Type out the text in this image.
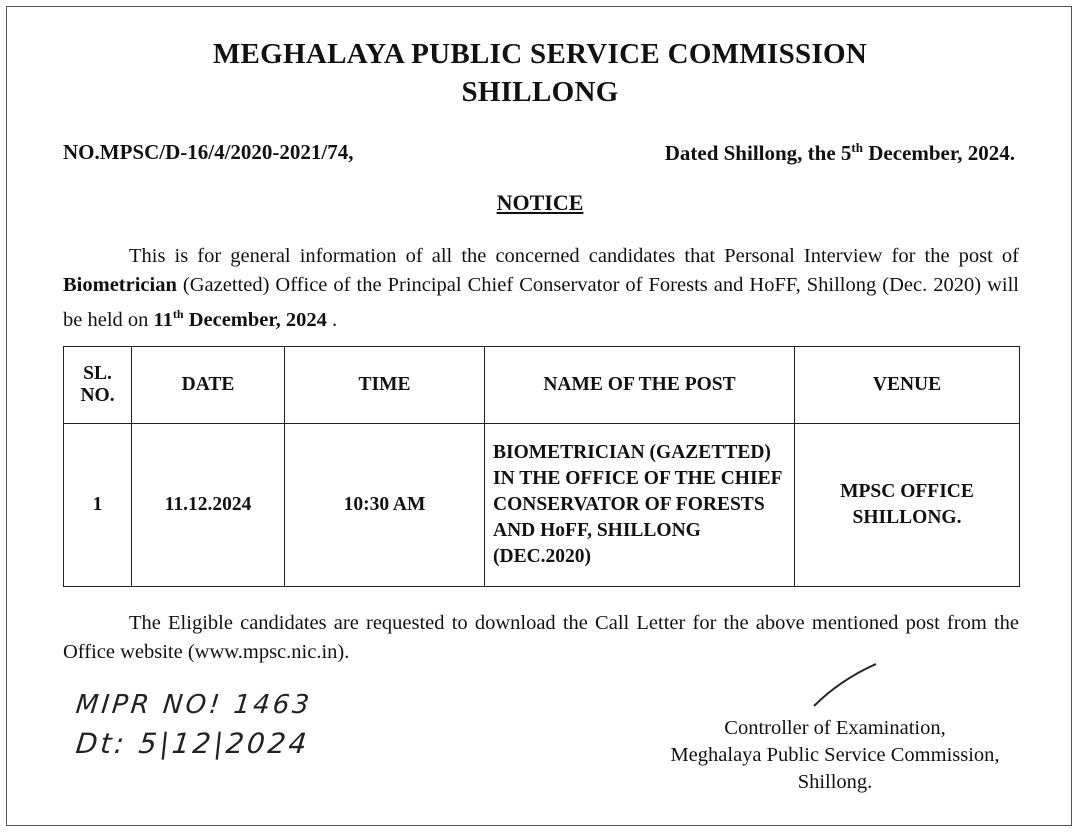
MEGHALAYA PUBLIC SERVICE COMMISSION
SHILLONG
NO.MPSC/D-16/4/2020-2021/74,	Dated Shillong, the 5th December, 2024.
NOTICE
This is for general information of all the concerned candidates that Personal Interview for the post of Biometrician (Gazetted) Office of the Principal Chief Conservator of Forests and HoFF, Shillong (Dec. 2020) will be held on 11th December, 2024 .
SL. NO.	DATE	TIME	NAME OF THE POST	VENUE
1	11.12.2024	10:30 AM	BIOMETRICIAN (GAZETTED) IN THE OFFICE OF THE CHIEF CONSERVATOR OF FORESTS AND HoFF, SHILLONG (DEC.2020)	MPSC OFFICE SHILLONG.
The Eligible candidates are requested to download the Call Letter for the above mentioned post from the Office website (www.mpsc.nic.in).
MIPR NO! 1463
Dt: 5|12|2024	Controller of Examination,
Meghalaya Public Service Commission,
Shillong.
